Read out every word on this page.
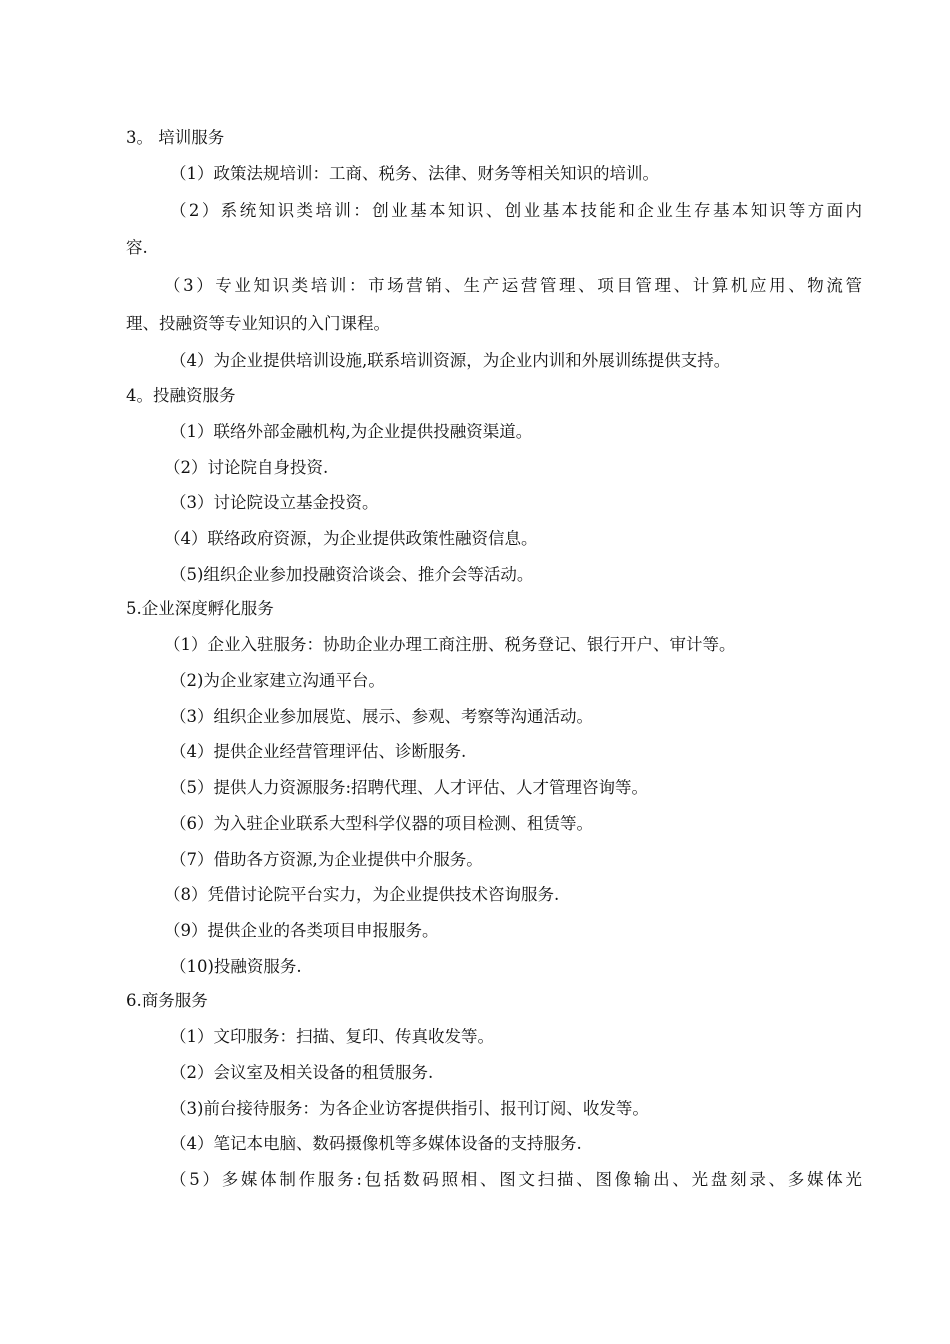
3。 培训服务
（1）政策法规培训：工商、税务、法律、财务等相关知识的培训。
（2）系统知识类培训：创业基本知识、创业基本技能和企业生存基本知识等方面内
容.
（3）专业知识类培训：市场营销、生产运营管理、项目管理、计算机应用、物流管
理、投融资等专业知识的入门课程。
（4）为企业提供培训设施,联系培训资源，为企业内训和外展训练提供支持。
4。投融资服务
（1）联络外部金融机构,为企业提供投融资渠道。
（2）讨论院自身投资.
（3）讨论院设立基金投资。
（4）联络政府资源，为企业提供政策性融资信息。
（5)组织企业参加投融资洽谈会、推介会等活动。
5.企业深度孵化服务
（1）企业入驻服务：协助企业办理工商注册、税务登记、银行开户、审计等。
（2)为企业家建立沟通平台。
（3）组织企业参加展览、展示、参观、考察等沟通活动。
（4）提供企业经营管理评估、诊断服务.
（5）提供人力资源服务:招聘代理、人才评估、人才管理咨询等。
（6）为入驻企业联系大型科学仪器的项目检测、租赁等。
（7）借助各方资源,为企业提供中介服务。
（8）凭借讨论院平台实力，为企业提供技术咨询服务.
（9）提供企业的各类项目申报服务。
（10)投融资服务.
6.商务服务
（1）文印服务：扫描、复印、传真收发等。
（2）会议室及相关设备的租赁服务.
（3)前台接待服务：为各企业访客提供指引、报刊订阅、收发等。
（4）笔记本电脑、数码摄像机等多媒体设备的支持服务.
（5）多媒体制作服务:包括数码照相、图文扫描、图像输出、光盘刻录、多媒体光
